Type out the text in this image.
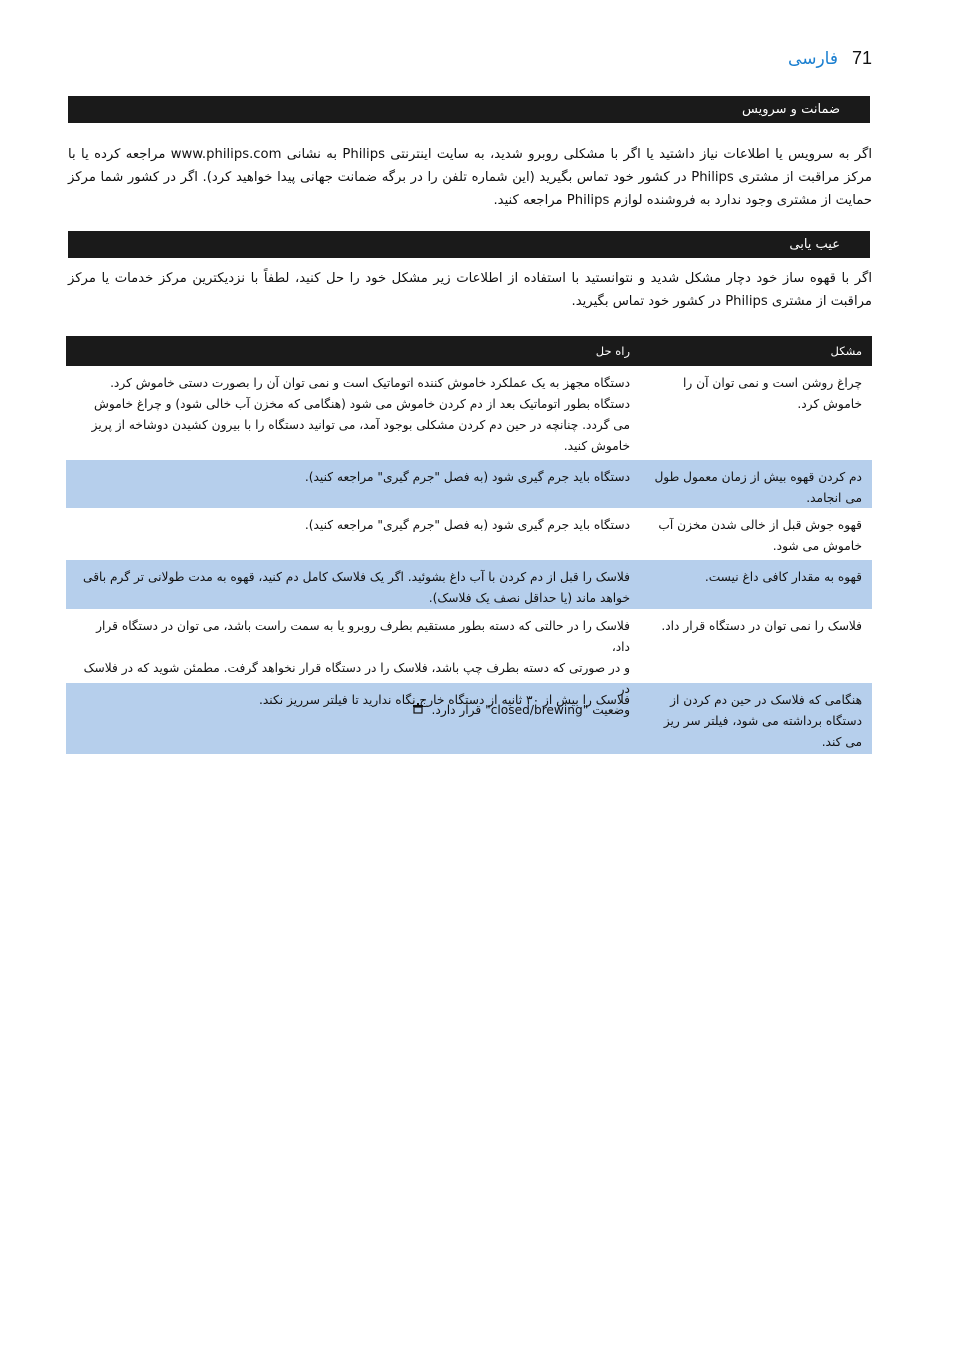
فارسی 71
ضمانت و سرویس
اگر به سرویس یا اطلاعات نیاز داشتید یا اگر با مشکلی روبرو شدید، به سایت اینترنتی Philips به نشانی www.philips.com مراجعه کرده یا با مرکز مراقبت از مشتری Philips در کشور خود تماس بگیرید (این شماره تلفن را در برگه ضمانت جهانی پیدا خواهید کرد). اگر در کشور شما مرکز حمایت از مشتری وجود ندارد به فروشنده لوازم Philips مراجعه کنید.
عیب یابی
اگر با قهوه ساز خود دچار مشکل شدید و نتوانستید با استفاده از اطلاعات زیر مشکل خود را حل کنید، لطفاً با نزدیکترین مرکز خدمات یا مرکز مراقبت از مشتری Philips در کشور خود تماس بگیرید.
مشکل
راه حل
چراغ روشن است و نمی توان آن را
خاموش کرد.
دستگاه مجهز به یک عملکرد خاموش کننده اتوماتیک است و نمی توان آن را بصورت دستی خاموش کرد.
دستگاه بطور اتوماتیک بعد از دم کردن خاموش می شود (هنگامی که مخزن آب خالی شود) و چراغ خاموش
می گردد. چنانچه در حین دم کردن مشکلی بوجود آمد، می توانید دستگاه را با بیرون کشیدن دوشاخه از پریز
خاموش کنید.
دم کردن قهوه بیش از زمان معمول طول
می انجامد.
دستگاه باید جرم گیری شود (به فصل "جرم گیری" مراجعه کنید).
قهوه جوش قبل از خالی شدن مخزن آب
خاموش می شود.
دستگاه باید جرم گیری شود (به فصل "جرم گیری" مراجعه کنید).
قهوه به مقدار کافی داغ نیست.
فلاسک را قبل از دم کردن با آب داغ بشوئید. اگر یک فلاسک کامل دم کنید، قهوه به مدت طولانی تر گرم باقی
خواهد ماند (یا حداقل نصف یک فلاسک).
فلاسک را نمی توان در دستگاه قرار داد.
فلاسک را در حالتی که دسته بطور مستقیم بطرف روبرو یا به سمت راست باشد، می توان در دستگاه قرار داد،
و در صورتی که دسته بطرف چپ باشد، فلاسک را در دستگاه قرار نخواهد گرفت. مطمئن شوید که در فلاسک در
وضعیت "closed/brewing" قرار دارد.
هنگامی که فلاسک در حین دم کردن از
دستگاه برداشته می شود، فیلتر سر ریز
می کند.
فلاسک را بیش از ۳۰ ثانیه از دستگاه خارج نگاه ندارید تا فیلتر سرریز نکند.
